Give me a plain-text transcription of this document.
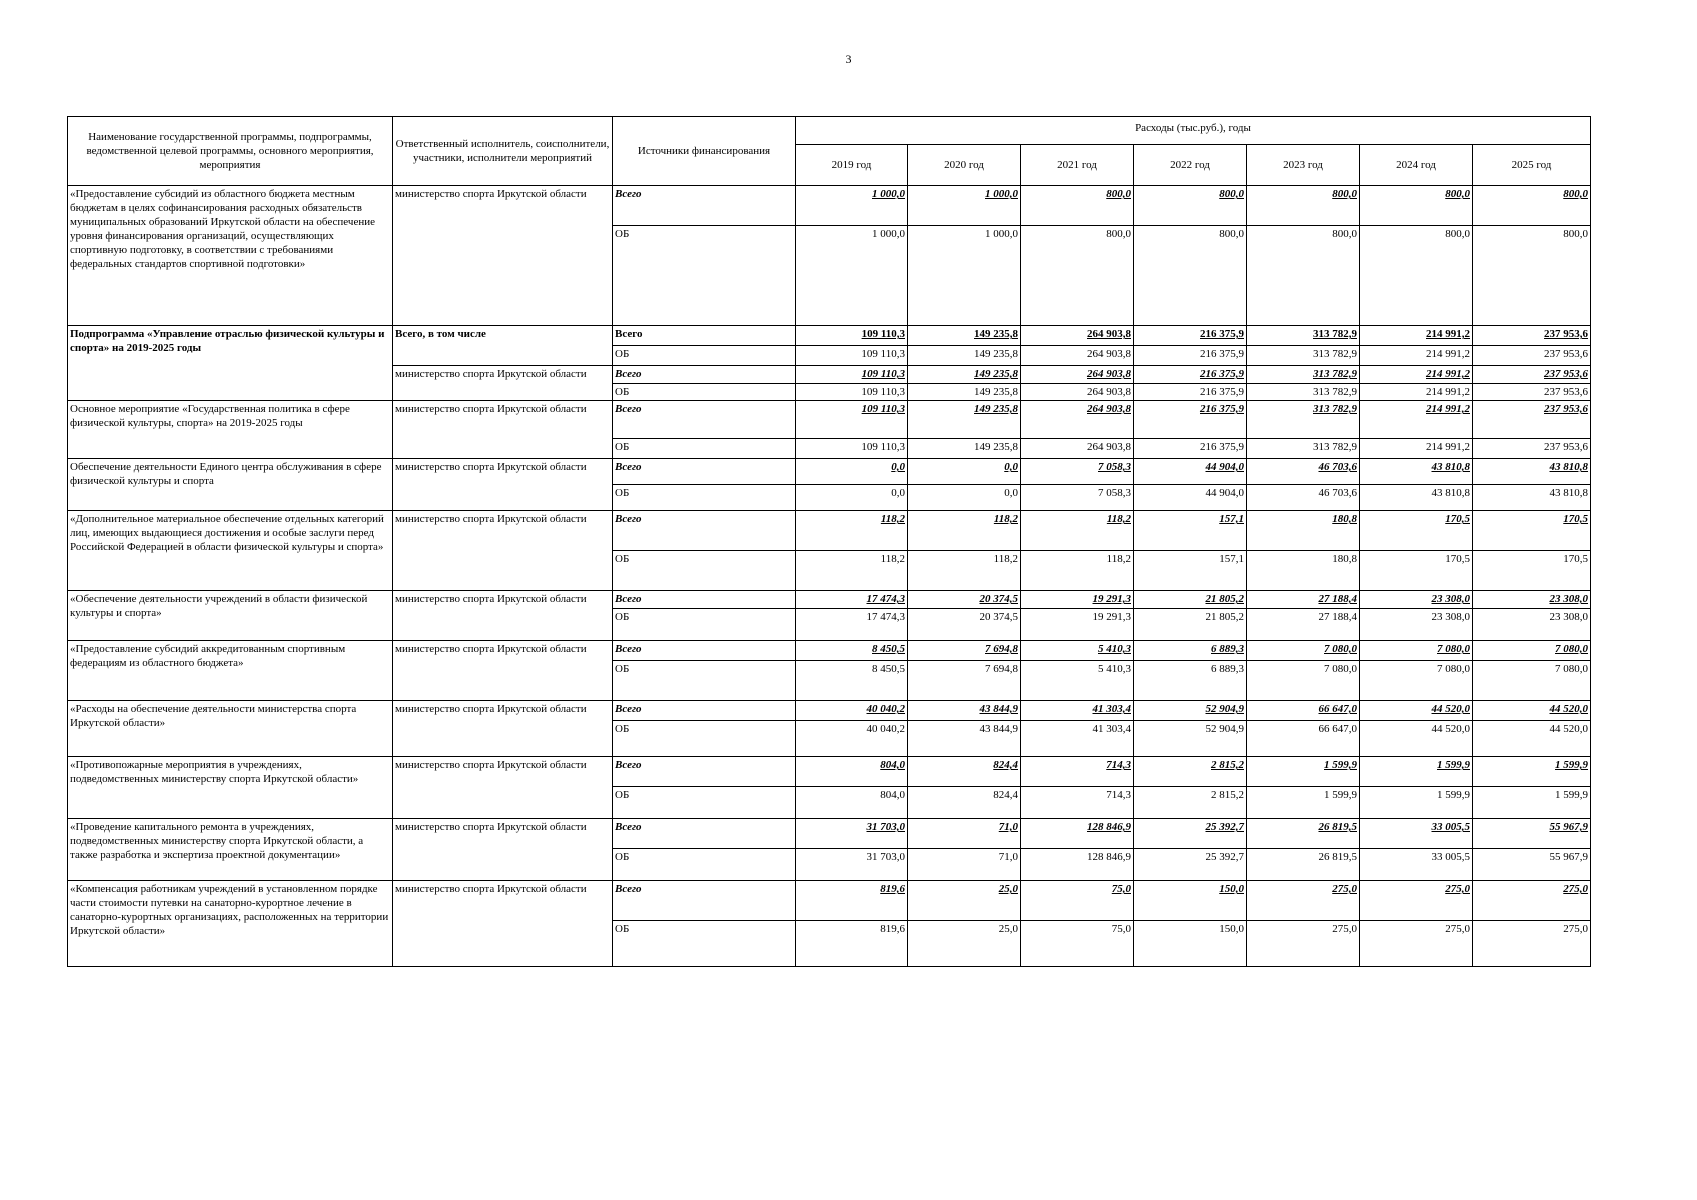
3
Наименование государственной программы, подпрограммы, ведомственной целевой программы, основного мероприятия, мероприятия	Ответственный исполнитель, соисполнители, участники, исполнители мероприятий	Источники финансирования	Расходы (тыс.руб.), годы						
			2019 год	2020 год	2021 год	2022 год	2023 год	2024 год	2025 год
«Предоставление субсидий из областного бюджета местным бюджетам в целях софинансирования расходных обязательств муниципальных образований Иркутской области на обеспечение уровня финансирования организаций, осуществляющих спортивную подготовку, в соответствии с требованиями федеральных стандартов спортивной подготовки»	министерство спорта Иркутской области	Всего	1 000,0	1 000,0	800,0	800,0	800,0	800,0	800,0
		ОБ	1 000,0	1 000,0	800,0	800,0	800,0	800,0	800,0
Подпрограмма «Управление отраслью физической культуры и спорта» на 2019-2025 годы	Всего, в том числе	Всего	109 110,3	149 235,8	264 903,8	216 375,9	313 782,9	214 991,2	237 953,6
		ОБ	109 110,3	149 235,8	264 903,8	216 375,9	313 782,9	214 991,2	237 953,6
	министерство спорта Иркутской области	Всего	109 110,3	149 235,8	264 903,8	216 375,9	313 782,9	214 991,2	237 953,6
		ОБ	109 110,3	149 235,8	264 903,8	216 375,9	313 782,9	214 991,2	237 953,6
Основное мероприятие «Государственная политика в сфере физической культуры, спорта» на 2019-2025 годы	министерство спорта Иркутской области	Всего	109 110,3	149 235,8	264 903,8	216 375,9	313 782,9	214 991,2	237 953,6
		ОБ	109 110,3	149 235,8	264 903,8	216 375,9	313 782,9	214 991,2	237 953,6
Обеспечение деятельности Единого центра обслуживания в сфере физической культуры и спорта	министерство спорта Иркутской области	Всего	0,0	0,0	7 058,3	44 904,0	46 703,6	43 810,8	43 810,8
		ОБ	0,0	0,0	7 058,3	44 904,0	46 703,6	43 810,8	43 810,8
«Дополнительное материальное обеспечение отдельных категорий лиц, имеющих выдающиеся достижения и особые заслуги перед Российской Федерацией в области физической культуры и спорта»	министерство спорта Иркутской области	Всего	118,2	118,2	118,2	157,1	180,8	170,5	170,5
		ОБ	118,2	118,2	118,2	157,1	180,8	170,5	170,5
«Обеспечение деятельности учреждений в области физической культуры и спорта»	министерство спорта Иркутской области	Всего	17 474,3	20 374,5	19 291,3	21 805,2	27 188,4	23 308,0	23 308,0
		ОБ	17 474,3	20 374,5	19 291,3	21 805,2	27 188,4	23 308,0	23 308,0
«Предоставление субсидий аккредитованным спортивным федерациям из областного бюджета»	министерство спорта Иркутской области	Всего	8 450,5	7 694,8	5 410,3	6 889,3	7 080,0	7 080,0	7 080,0
		ОБ	8 450,5	7 694,8	5 410,3	6 889,3	7 080,0	7 080,0	7 080,0
«Расходы на обеспечение деятельности министерства спорта Иркутской области»	министерство спорта Иркутской области	Всего	40 040,2	43 844,9	41 303,4	52 904,9	66 647,0	44 520,0	44 520,0
		ОБ	40 040,2	43 844,9	41 303,4	52 904,9	66 647,0	44 520,0	44 520,0
«Противопожарные мероприятия в учреждениях, подведомственных министерству спорта Иркутской области»	министерство спорта Иркутской области	Всего	804,0	824,4	714,3	2 815,2	1 599,9	1 599,9	1 599,9
		ОБ	804,0	824,4	714,3	2 815,2	1 599,9	1 599,9	1 599,9
«Проведение капитального ремонта в учреждениях, подведомственных министерству спорта Иркутской области, а также разработка и экспертиза проектной документации»	министерство спорта Иркутской области	Всего	31 703,0	71,0	128 846,9	25 392,7	26 819,5	33 005,5	55 967,9
		ОБ	31 703,0	71,0	128 846,9	25 392,7	26 819,5	33 005,5	55 967,9
«Компенсация работникам учреждений в установленном порядке части стоимости путевки на санаторно-курортное лечение в санаторно-курортных организациях, расположенных на территории Иркутской области»	министерство спорта Иркутской области	Всего	819,6	25,0	75,0	150,0	275,0	275,0	275,0
		ОБ	819,6	25,0	75,0	150,0	275,0	275,0	275,0
